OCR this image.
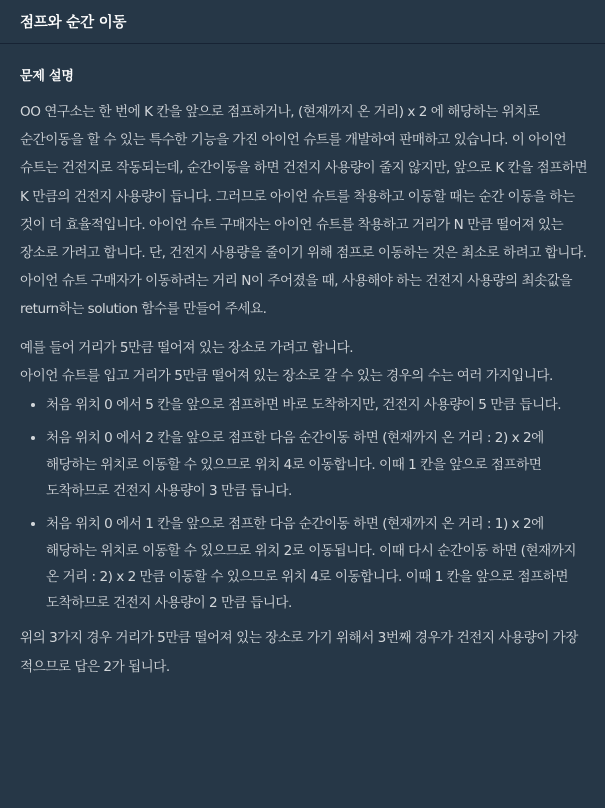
점프와 순간 이동
문제 설명

OO 연구소는 한 번에 K 칸을 앞으로 점프하거나, (현재까지 온 거리) x 2 에 해당하는 위치로 순간이동을 할 수 있는 특수한 기능을 가진 아이언 슈트를 개발하여 판매하고 있습니다. 이 아이언 슈트는 건전지로 작동되는데, 순간이동을 하면 건전지 사용량이 줄지 않지만, 앞으로 K 칸을 점프하면 K 만큼의 건전지 사용량이 듭니다. 그러므로 아이언 슈트를 착용하고 이동할 때는 순간 이동을 하는 것이 더 효율적입니다. 아이언 슈트 구매자는 아이언 슈트를 착용하고 거리가 N 만큼 떨어져 있는 장소로 가려고 합니다. 단, 건전지 사용량을 줄이기 위해 점프로 이동하는 것은 최소로 하려고 합니다. 아이언 슈트 구매자가 이동하려는 거리 N이 주어졌을 때, 사용해야 하는 건전지 사용량의 최솟값을 return하는 solution 함수를 만들어 주세요.

예를 들어 거리가 5만큼 떨어져 있는 장소로 가려고 합니다.
아이언 슈트를 입고 거리가 5만큼 떨어져 있는 장소로 갈 수 있는 경우의 수는 여러 가지입니다.

• 처음 위치 0 에서 5 칸을 앞으로 점프하면 바로 도착하지만, 건전지 사용량이 5 만큼 듭니다.
• 처음 위치 0 에서 2 칸을 앞으로 점프한 다음 순간이동 하면 (현재까지 온 거리 : 2) x 2에 해당하는 위치로 이동할 수 있으므로 위치 4로 이동합니다. 이때 1 칸을 앞으로 점프하면 도착하므로 건전지 사용량이 3 만큼 듭니다.
• 처음 위치 0 에서 1 칸을 앞으로 점프한 다음 순간이동 하면 (현재까지 온 거리 : 1) x 2에 해당하는 위치로 이동할 수 있으므로 위치 2로 이동됩니다. 이때 다시 순간이동 하면 (현재까지 온 거리 : 2) x 2 만큼 이동할 수 있으므로 위치 4로 이동합니다. 이때 1 칸을 앞으로 점프하면 도착하므로 건전지 사용량이 2 만큼 듭니다.

위의 3가지 경우 거리가 5만큼 떨어져 있는 장소로 가기 위해서 3번째 경우가 건전지 사용량이 가장 적으므로 답은 2가 됩니다.
